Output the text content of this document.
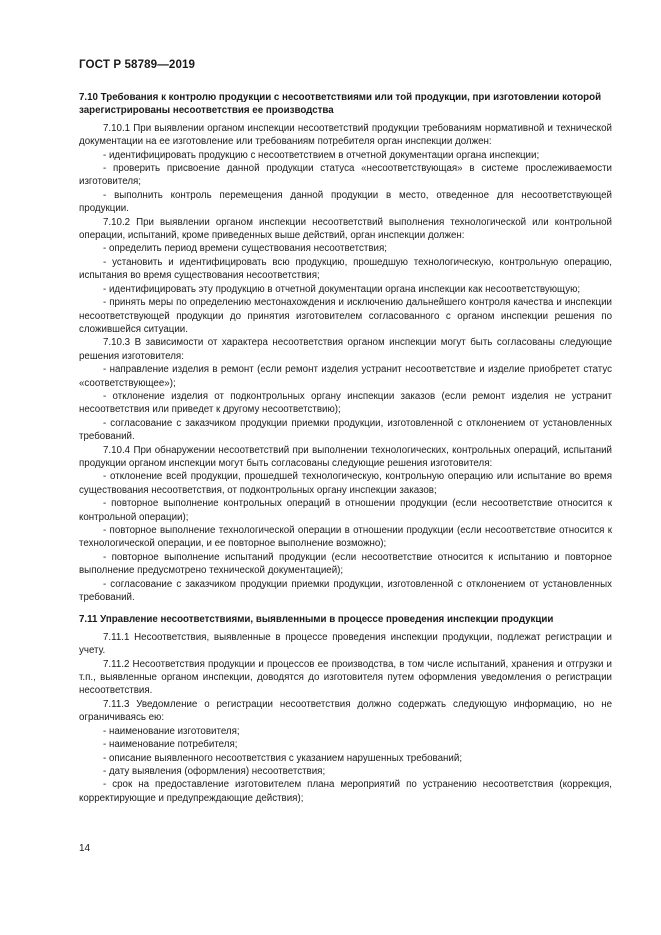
ГОСТ Р 58789—2019

7.10 Требования к контролю продукции с несоответствиями или той продукции, при изготовлении которой зарегистрированы несоответствия ее производства

7.10.1 При выявлении органом инспекции несоответствий продукции требованиям нормативной и технической документации на ее изготовление или требованиям потребителя орган инспекции должен:

- идентифицировать продукцию с несоответствием в отчетной документации органа инспекции;

- проверить присвоение данной продукции статуса «несоответствующая» в системе прослеживаемости изготовителя;

- выполнить контроль перемещения данной продукции в место, отведенное для несоответствующей продукции.

7.10.2 При выявлении органом инспекции несоответствий выполнения технологической или контрольной операции, испытаний, кроме приведенных выше действий, орган инспекции должен:

- определить период времени существования несоответствия;

- установить и идентифицировать всю продукцию, прошедшую технологическую, контрольную операцию, испытания во время существования несоответствия;

- идентифицировать эту продукцию в отчетной документации органа инспекции как несоответствующую;

- принять меры по определению местонахождения и исключению дальнейшего контроля качества и инспекции несоответствующей продукции до принятия изготовителем согласованного с органом инспекции решения по сложившейся ситуации.

7.10.3 В зависимости от характера несоответствия органом инспекции могут быть согласованы следующие решения изготовителя:

- направление изделия в ремонт (если ремонт изделия устранит несоответствие и изделие приобретет статус «соответствующее»);

- отклонение изделия от подконтрольных органу инспекции заказов (если ремонт изделия не устранит несоответствия или приведет к другому несоответствию);

- согласование с заказчиком продукции приемки продукции, изготовленной с отклонением от установленных требований.

7.10.4 При обнаружении несоответствий при выполнении технологических, контрольных операций, испытаний продукции органом инспекции могут быть согласованы следующие решения изготовителя:

- отклонение всей продукции, прошедшей технологическую, контрольную операцию или испытание во время существования несоответствия, от подконтрольных органу инспекции заказов;

- повторное выполнение контрольных операций в отношении продукции (если несоответствие относится к контрольной операции);

- повторное выполнение технологической операции в отношении продукции (если несоответствие относится к технологической операции, и ее повторное выполнение возможно);

- повторное выполнение испытаний продукции (если несоответствие относится к испытанию и повторное выполнение предусмотрено технической документацией);

- согласование с заказчиком продукции приемки продукции, изготовленной с отклонением от установленных требований.

7.11 Управление несоответствиями, выявленными в процессе проведения инспекции продукции

7.11.1 Несоответствия, выявленные в процессе проведения инспекции продукции, подлежат регистрации и учету.

7.11.2 Несоответствия продукции и процессов ее производства, в том числе испытаний, хранения и отгрузки и т.п., выявленные органом инспекции, доводятся до изготовителя путем оформления уведомления о регистрации несоответствия.

7.11.3 Уведомление о регистрации несоответствия должно содержать следующую информацию, но не ограничиваясь ею:

- наименование изготовителя;

- наименование потребителя;

- описание выявленного несоответствия с указанием нарушенных требований;

- дату выявления (оформления) несоответствия;

- срок на предоставление изготовителем плана мероприятий по устранению несоответствия (коррекция, корректирующие и предупреждающие действия);

14
